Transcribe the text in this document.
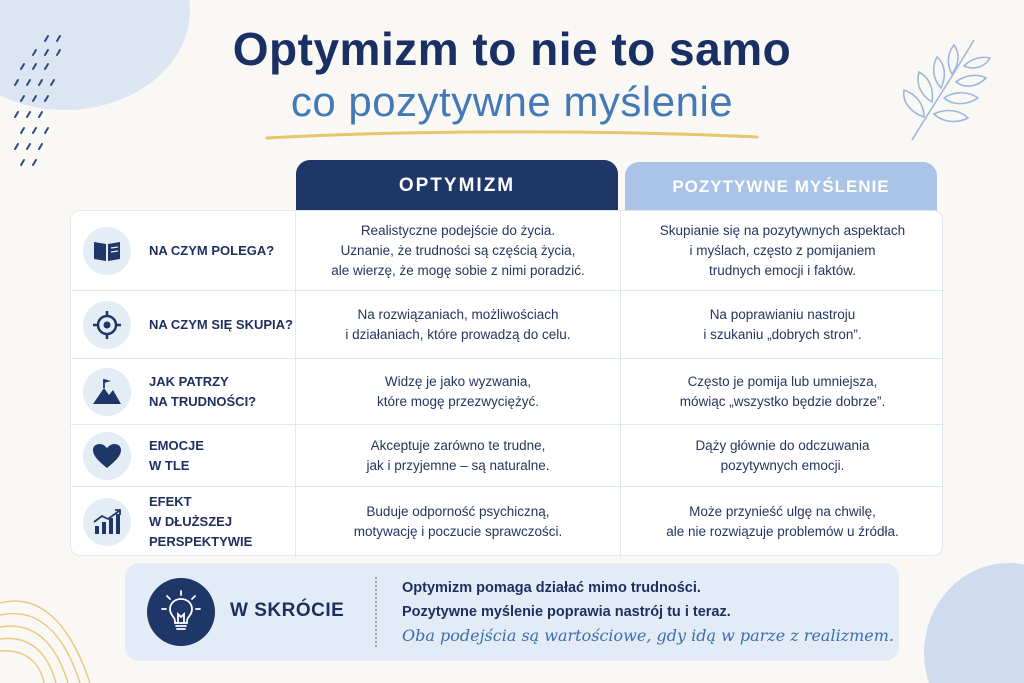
Optymizm to nie to samo
co pozytywne myślenie
OPTYMIZM	POZYTYWNE MYŚLENIE
NA CZYM POLEGA?
Realistyczne podejście do życia.
Uznanie, że trudności są częścią życia,
ale wierzę, że mogę sobie z nimi poradzić.
Skupianie się na pozytywnych aspektach
i myślach, często z pomijaniem
trudnych emocji i faktów.
NA CZYM SIĘ SKUPIA?
Na rozwiązaniach, możliwościach
i działaniach, które prowadzą do celu.
Na poprawianiu nastroju
i szukaniu „dobrych stron”.
JAK PATRZY
NA TRUDNOŚCI?
Widzę je jako wyzwania,
które mogę przezwyciężyć.
Często je pomija lub umniejsza,
mówiąc „wszystko będzie dobrze”.
EMOCJE
W TLE
Akceptuje zarówno te trudne,
jak i przyjemne – są naturalne.
Dąży głównie do odczuwania
pozytywnych emocji.
EFEKT
W DŁUŻSZEJ
PERSPEKTYWIE
Buduje odporność psychiczną,
motywację i poczucie sprawczości.
Może przynieść ulgę na chwilę,
ale nie rozwiązuje problemów u źródła.
W SKRÓCIE
Optymizm pomaga działać mimo trudności.
Pozytywne myślenie poprawia nastrój tu i teraz.
Oba podejścia są wartościowe, gdy idą w parze z realizmem.
